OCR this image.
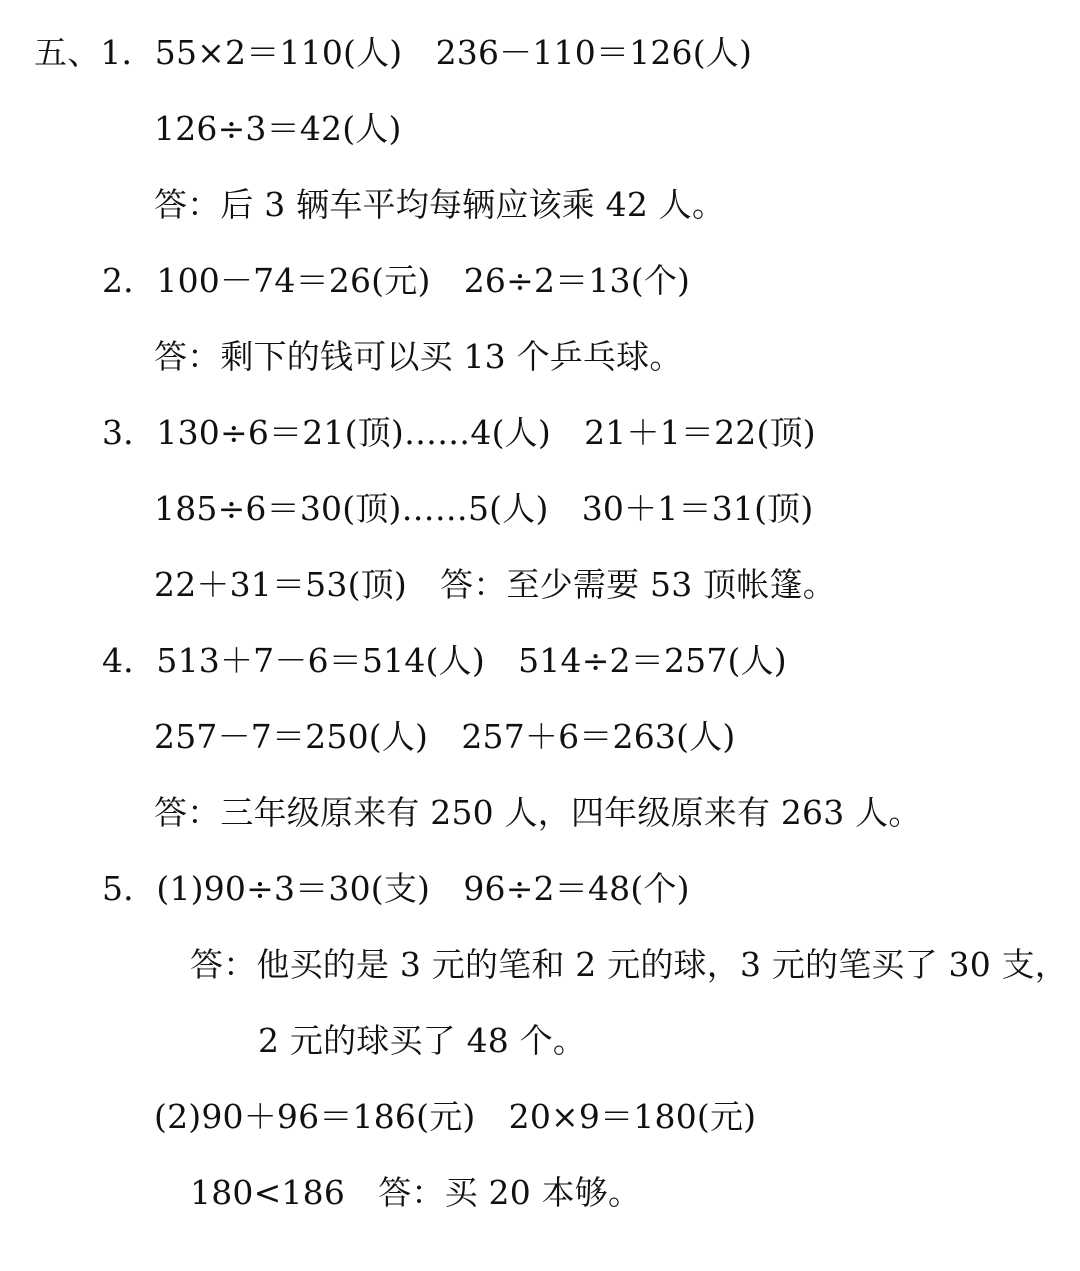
五、1．55×2＝110(人)　236－110＝126(人)
126÷3＝42(人)
答：后 3 辆车平均每辆应该乘 42 人。
2．100－74＝26(元)　26÷2＝13(个)
答：剩下的钱可以买 13 个乒乓球。
3．130÷6＝21(顶)……4(人)　21＋1＝22(顶)
185÷6＝30(顶)……5(人)　30＋1＝31(顶)
22＋31＝53(顶)　答：至少需要 53 顶帐篷。
4．513＋7－6＝514(人)　514÷2＝257(人)
257－7＝250(人)　257＋6＝263(人)
答：三年级原来有 250 人，四年级原来有 263 人。
5．(1)90÷3＝30(支)　96÷2＝48(个)
答：他买的是 3 元的笔和 2 元的球，3 元的笔买了 30 支，
2 元的球买了 48 个。
(2)90＋96＝186(元)　20×9＝180(元)
180<186　答：买 20 本够。
